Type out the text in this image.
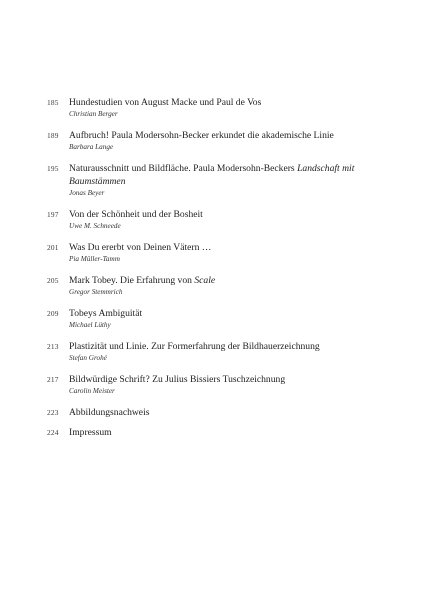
185	Hundestudien von August Macke und Paul de Vos
Christian Berger
189	Aufbruch! Paula Modersohn-Becker erkundet die akademische Linie
Barbara Lange
195	Naturausschnitt und Bildfläche. Paula Modersohn-Beckers Landschaft mit Baumstämmen
Jonas Beyer
197	Von der Schönheit und der Bosheit
Uwe M. Schneede
201	Was Du ererbt von Deinen Vätern …
Pia Müller-Tamm
205	Mark Tobey. Die Erfahrung von Scale
Gregor Stemmrich
209	Tobeys Ambiguität
Michael Lüthy
213	Plastizität und Linie. Zur Formerfahrung der Bildhauerzeichnung
Stefan Grohé
217	Bildwürdige Schrift? Zu Julius Bissiers Tuschzeichnung
Carolin Meister
223	Abbildungsnachweis
224	Impressum
